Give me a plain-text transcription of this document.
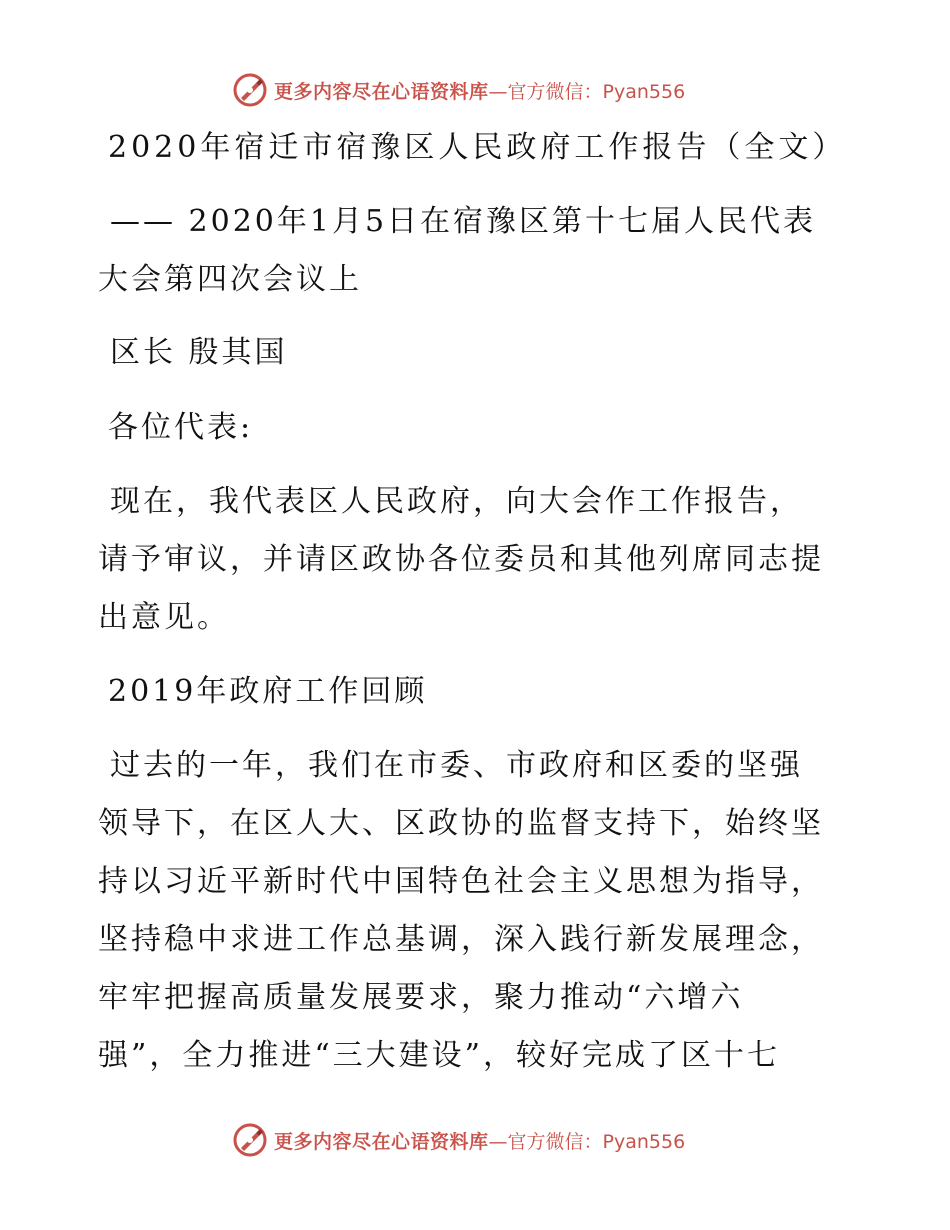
更多内容尽在心语资料库 —官方微信：Pyan556
2020年宿迁市宿豫区人民政府工作报告（全文）
—— 2020年1月5日在宿豫区第十七届人民代表
大会第四次会议上
区长 殷其国
各位代表:
现在，我代表区人民政府，向大会作工作报告，
请予审议，并请区政协各位委员和其他列席同志提
出意见。
2019年政府工作回顾
过去的一年，我们在市委、市政府和区委的坚强
领导下，在区人大、区政协的监督支持下，始终坚
持以习近平新时代中国特色社会主义思想为指导，
坚持稳中求进工作总基调，深入践行新发展理念，
牢牢把握高质量发展要求，聚力推动“六增六
强”，全力推进“三大建设”，较好完成了区十七
更多内容尽在心语资料库 —官方微信：Pyan556
